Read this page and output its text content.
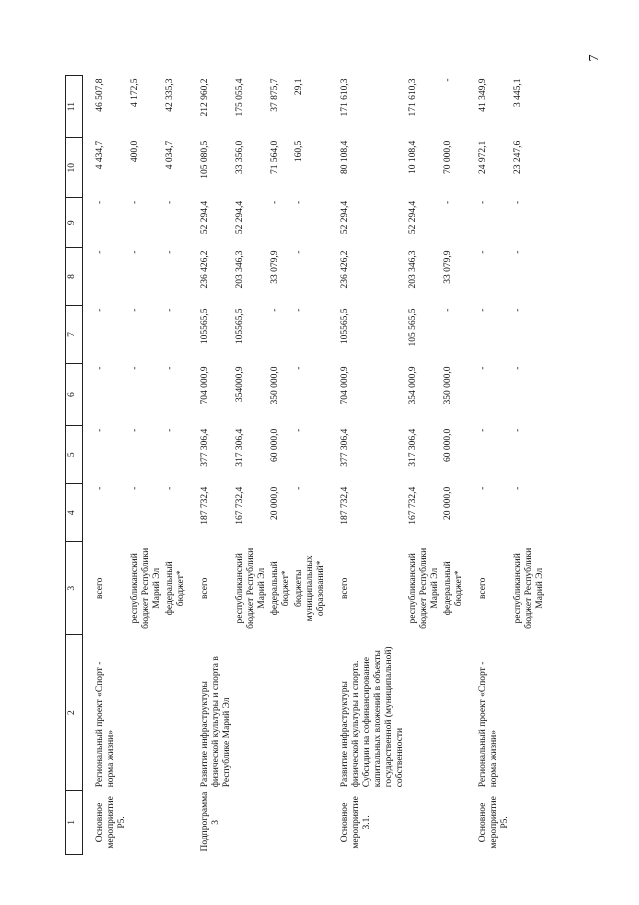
7
1	2	3	4	5	6	7	8	9	10	11
Основное мероприятие Р5.	Региональный проект «Спорт - норма жизни»	всего	-	-	-	-	-	-	4 434,7	46 507,8
		республиканский бюджет Республики Марий Эл	-	-	-	-	-	-	400,0	4 172,5
		федеральный бюджет*	-	-	-	-	-	-	4 034,7	42 335,3
Подпрограмма 3	Развитие инфраструктуры физической культуры и спорта в Республике Марий Эл	всего	187 732,4	377 306,4	704 000,9	105565,5	236 426,2	52 294,4	105 080,5	212 960,2
		республиканский бюджет Республики Марий Эл	167 732,4	317 306,4	354000,9	105565,5	203 346,3	52 294,4	33 356,0	175 055,4
		федеральный бюджет*	20 000,0	60 000,0	350 000,0	-	33 079,9	-	71 564,0	37 875,7
		бюджеты муниципальных образований*	-	-	-	-	-	-	160,5	29,1
Основное мероприятие 3.1.	Развитие инфраструктуры физической культуры и спорта. Субсидии на софинансирование капитальных вложений в объекты государственной (муниципальной) собственности	всего	187 732,4	377 306,4	704 000,9	105565,5	236 426,2	52 294,4	80 108,4	171 610,3
		республиканский бюджет Республики Марий Эл	167 732,4	317 306,4	354 000,9	105 565,5	203 346,3	52 294,4	10 108,4	171 610,3
		федеральный бюджет*	20 000,0	60 000,0	350 000,0	-	33 079,9	-	70 000,0	-
Основное мероприятие Р5.	Региональный проект «Спорт - норма жизни»	всего	-	-	-	-	-	-	24 972,1	41 349,9
		республиканский бюджет Республики Марий Эл	-	-	-	-	-	-	23 247,6	3 445,1
